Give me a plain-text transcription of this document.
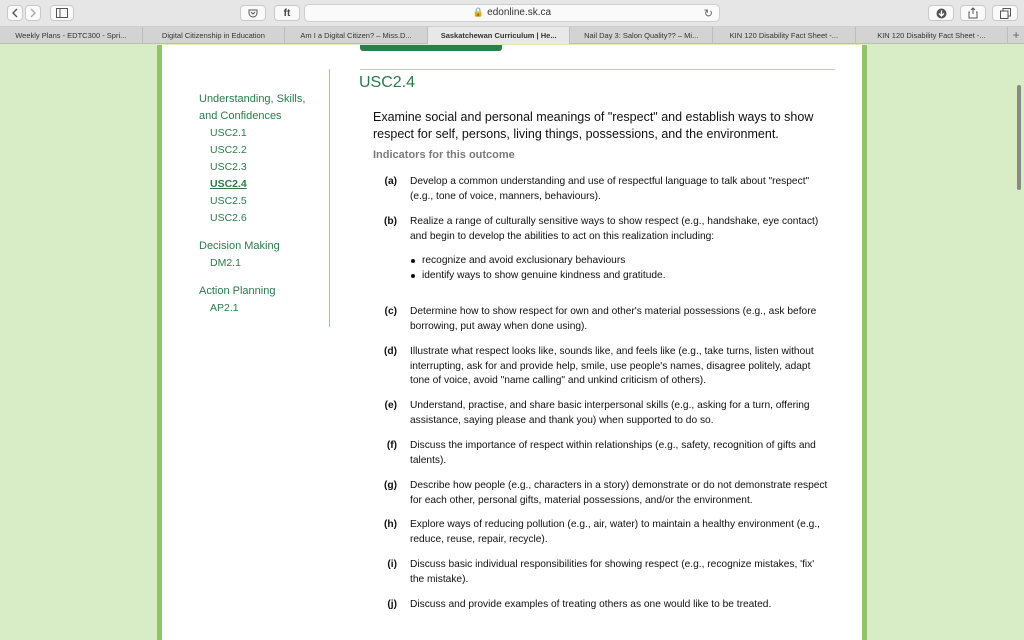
ft	🔒 edonline.sk.ca	↻
Weekly Plans - EDTC300 - Spri...	Digital Citizenship in Education	Am I a Digital Citizen? – Miss.D...	Saskatchewan Curriculum | He...	Nail Day 3: Salon Quality?? – Mi...	KIN 120 Disability Fact Sheet -...	KIN 120 Disability Fact Sheet -...	+
Understanding, Skills,
and Confidences
USC2.1
USC2.2
USC2.3
USC2.4
USC2.5
USC2.6
Decision Making
DM2.1
Action Planning
AP2.1
USC2.4
Examine social and personal meanings of "respect" and establish ways to show respect for self, persons, living things, possessions, and the environment.
Indicators for this outcome
(a) Develop a common understanding and use of respectful language to talk about "respect" (e.g., tone of voice, manners, behaviours).
(b) Realize a range of culturally sensitive ways to show respect (e.g., handshake, eye contact) and begin to develop the abilities to act on this realization including:
recognize and avoid exclusionary behaviours
identify ways to show genuine kindness and gratitude.
(c) Determine how to show respect for own and other's material possessions (e.g., ask before borrowing, put away when done using).
(d) Illustrate what respect looks like, sounds like, and feels like (e.g., take turns, listen without interrupting, ask for and provide help, smile, use people's names, disagree politely, adapt tone of voice, avoid "name calling" and unkind criticism of others).
(e) Understand, practise, and share basic interpersonal skills (e.g., asking for a turn, offering assistance, saying please and thank you) when supported to do so.
(f) Discuss the importance of respect within relationships (e.g., safety, recognition of gifts and talents).
(g) Describe how people (e.g., characters in a story) demonstrate or do not demonstrate respect for each other, personal gifts, material possessions, and/or the environment.
(h) Explore ways of reducing pollution (e.g., air, water) to maintain a healthy environment (e.g., reduce, reuse, repair, recycle).
(i) Discuss basic individual responsibilities for showing respect (e.g., recognize mistakes, 'fix' the mistake).
(j) Discuss and provide examples of treating others as one would like to be treated.
